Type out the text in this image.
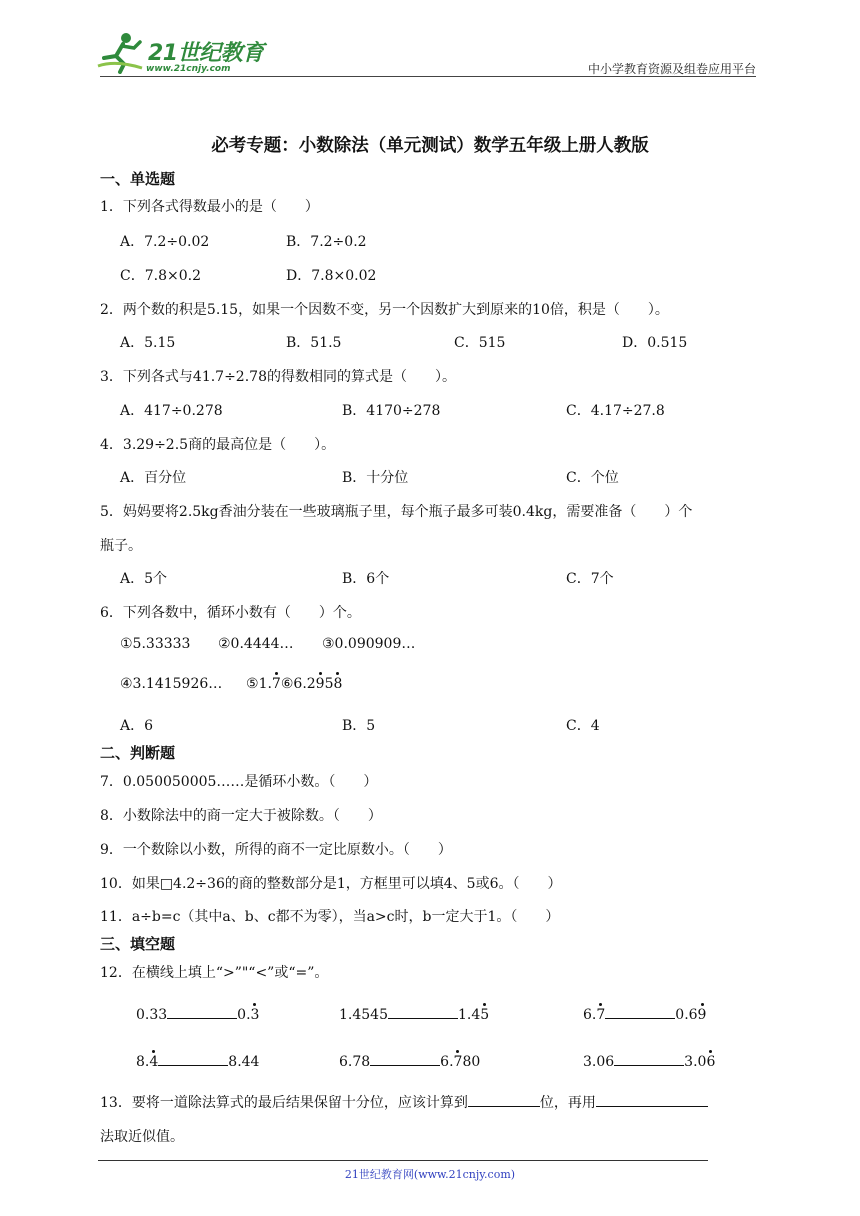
21世纪教育
www.21cnjy.com	中小学教育资源及组卷应用平台
必考专题：小数除法（单元测试）数学五年级上册人教版
一、单选题
1．下列各式得数最小的是（　　）
A．7.2÷0.02	B．7.2÷0.2
C．7.8×0.2	D．7.8×0.02
2．两个数的积是5.15，如果一个因数不变，另一个因数扩大到原来的10倍，积是（　　）。
A．5.15	B．51.5	C．515	D．0.515
3．下列各式与41.7÷2.78的得数相同的算式是（　　）。
A．417÷0.278	B．4170÷278	C．4.17÷27.8
4．3.29÷2.5商的最高位是（　　）。
A．百分位	B．十分位	C．个位
5．妈妈要将2.5kg香油分装在一些玻璃瓶子里，每个瓶子最多可装0.4kg，需要准备（　　）个
瓶子。
A．5个	B．6个	C．7个
6．下列各数中，循环小数有（　　）个。
①5.33333 ②0.4444… ③0.090909…
④3.1415926… ⑤1.7⑥6.2958
A．6	B．5	C．4
二、判断题
7．0.050050005……是循环小数。（　　）
8．小数除法中的商一定大于被除数。（　　）
9．一个数除以小数，所得的商不一定比原数小。（　　）
10．如果□4.2÷36的商的整数部分是1，方框里可以填4、5或6。（　　）
11．a÷b=c（其中a、b、c都不为零），当a>c时，b一定大于1。（　　）
三、填空题
12．在横线上填上“>”"“<”或“=”。
0.33	0.3	1.4545	1.45	6.7	0.69
8.4	8.44	6.78	6.780	3.06	3.06
13．要将一道除法算式的最后结果保留十分位，应该计算到	位，再用
法取近似值。
21世纪教育网(www.21cnjy.com)
